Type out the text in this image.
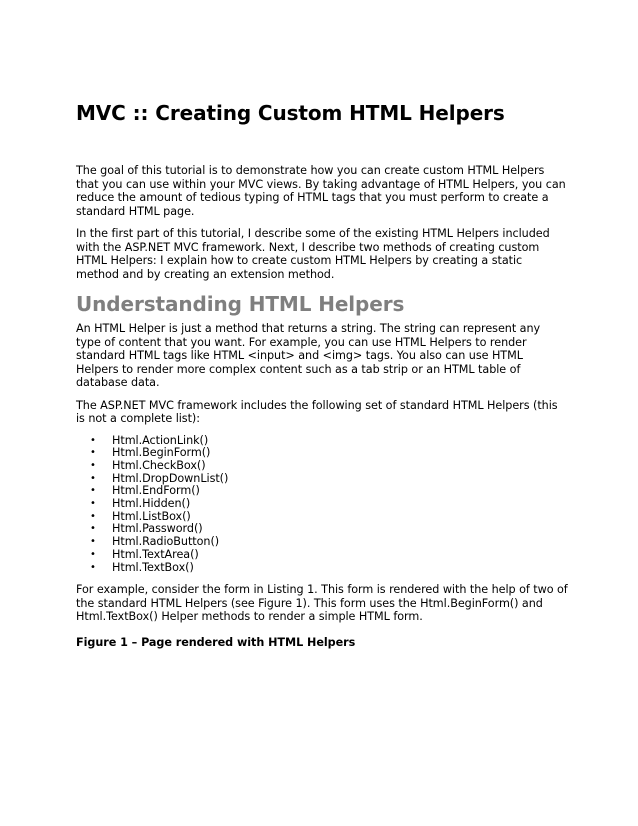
MVC :: Creating Custom HTML Helpers

The goal of this tutorial is to demonstrate how you can create custom HTML Helpers that you can use within your MVC views. By taking advantage of HTML Helpers, you can reduce the amount of tedious typing of HTML tags that you must perform to create a standard HTML page.

In the first part of this tutorial, I describe some of the existing HTML Helpers included with the ASP.NET MVC framework. Next, I describe two methods of creating custom HTML Helpers: I explain how to create custom HTML Helpers by creating a static method and by creating an extension method.

Understanding HTML Helpers

An HTML Helper is just a method that returns a string. The string can represent any type of content that you want. For example, you can use HTML Helpers to render standard HTML tags like HTML <input> and <img> tags. You also can use HTML Helpers to render more complex content such as a tab strip or an HTML table of database data.

The ASP.NET MVC framework includes the following set of standard HTML Helpers (this is not a complete list):

• Html.ActionLink()
• Html.BeginForm()
• Html.CheckBox()
• Html.DropDownList()
• Html.EndForm()
• Html.Hidden()
• Html.ListBox()
• Html.Password()
• Html.RadioButton()
• Html.TextArea()
• Html.TextBox()

For example, consider the form in Listing 1. This form is rendered with the help of two of the standard HTML Helpers (see Figure 1). This form uses the Html.BeginForm() and Html.TextBox() Helper methods to render a simple HTML form.

Figure 1 – Page rendered with HTML Helpers
